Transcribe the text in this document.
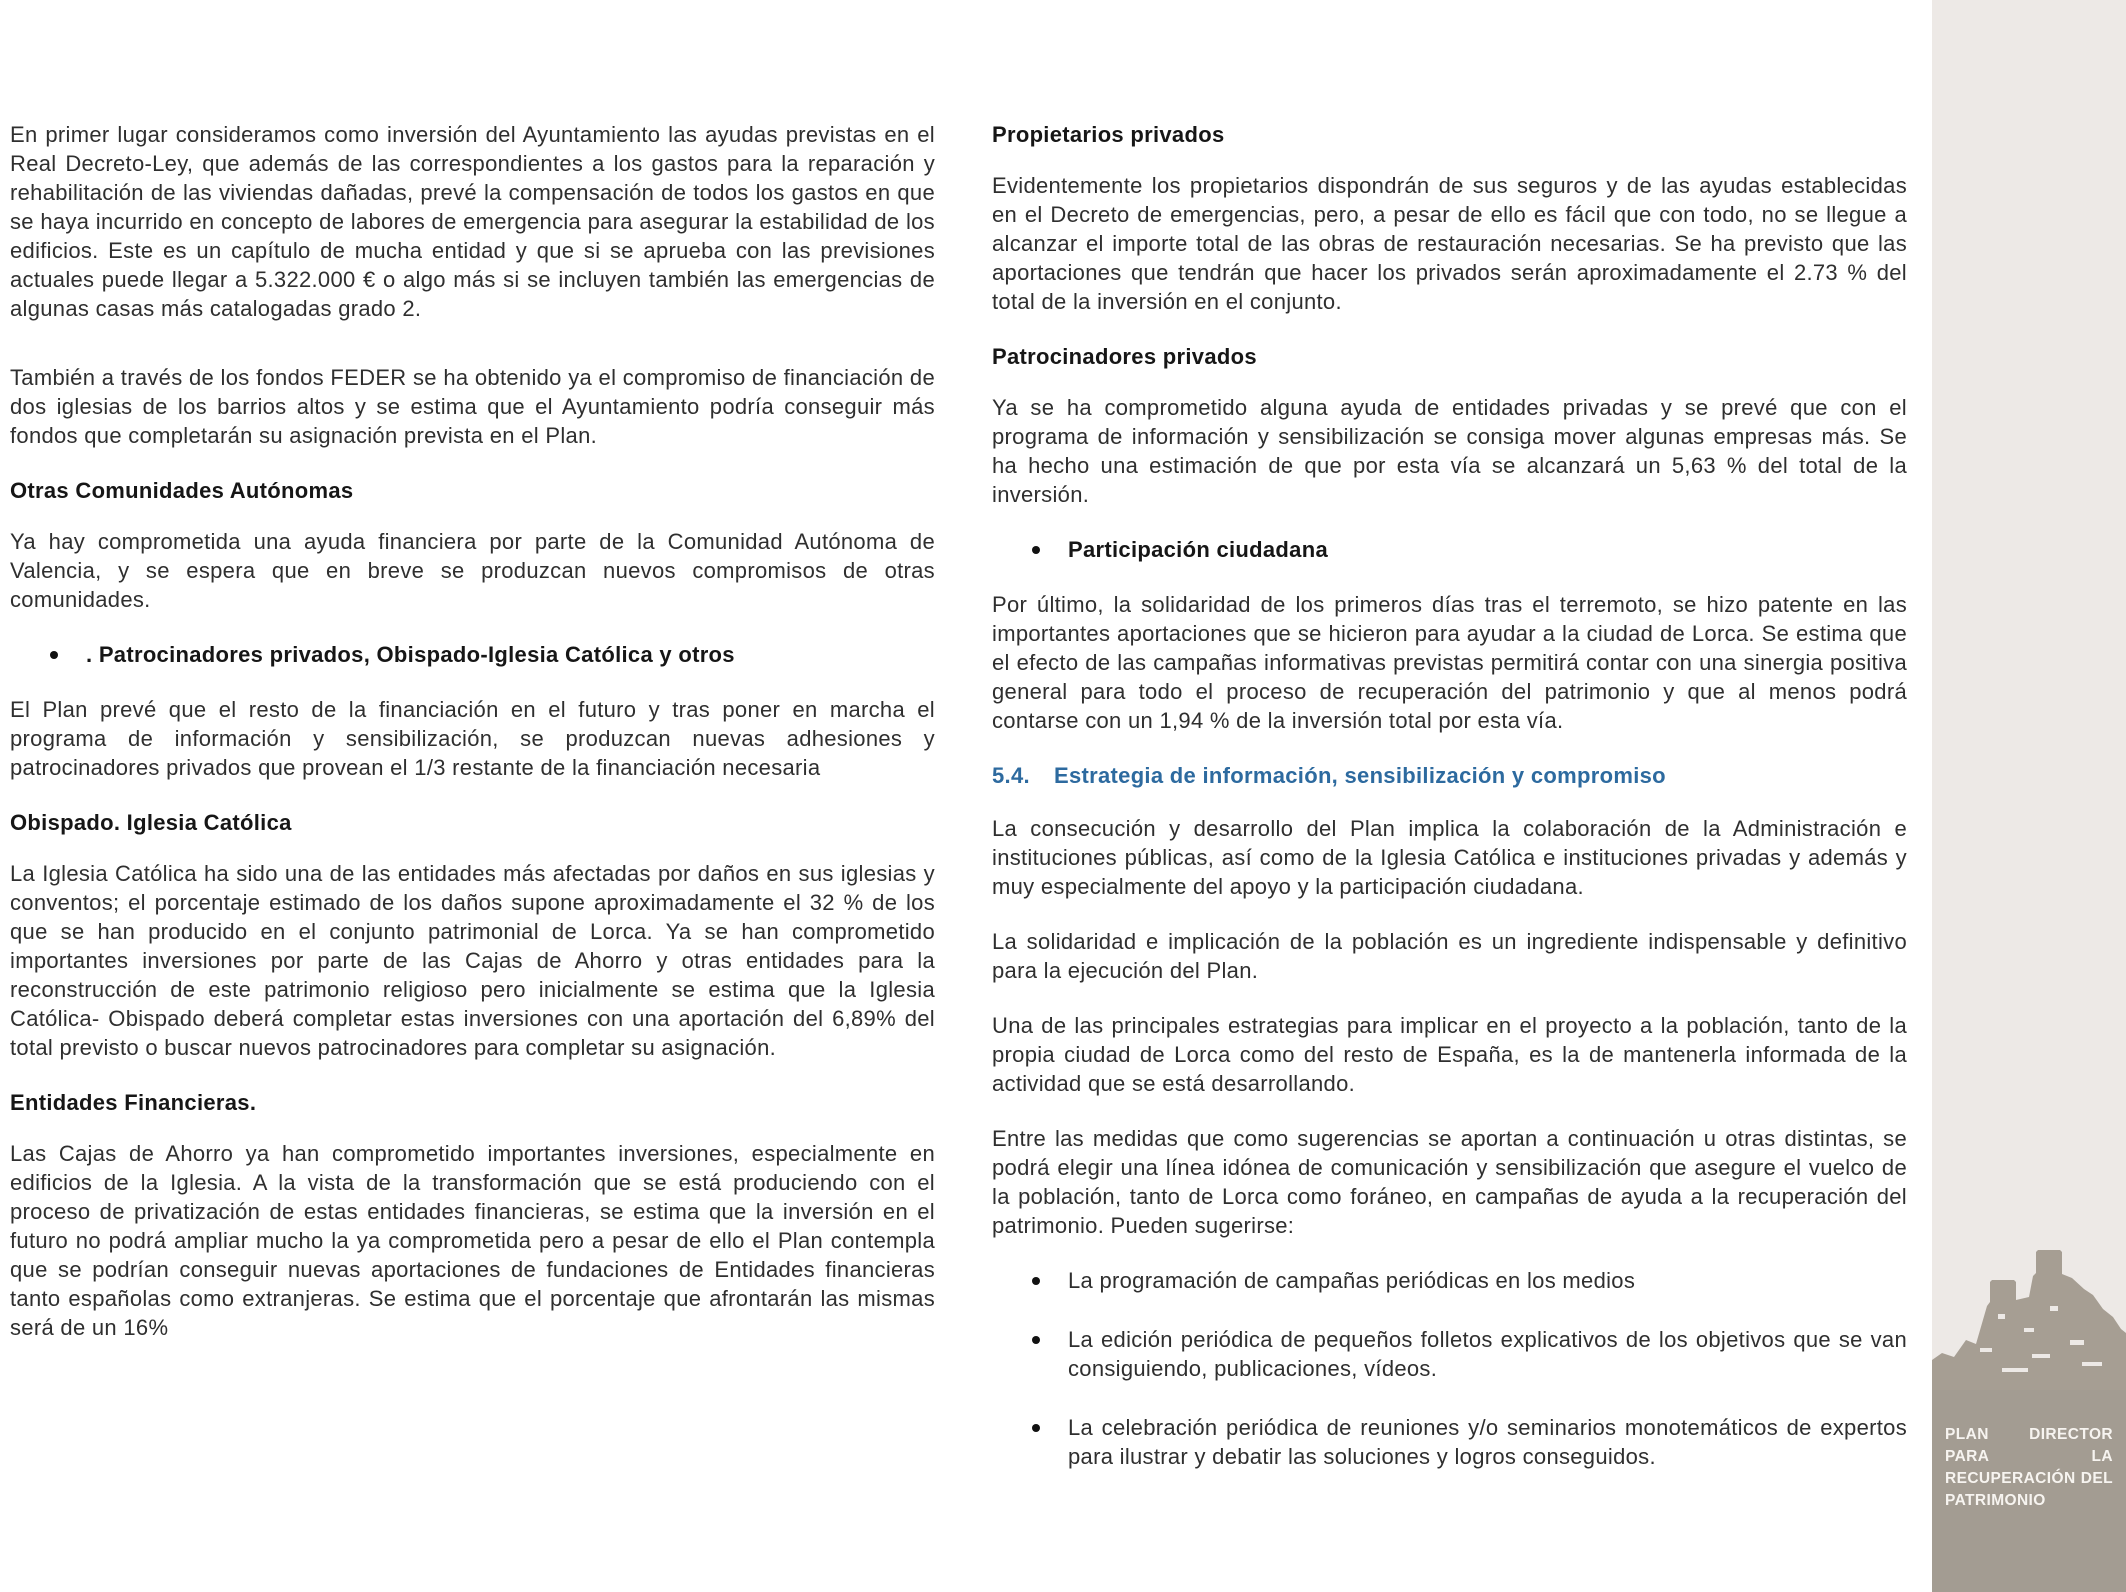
En primer lugar consideramos como inversión del Ayuntamiento las ayudas previstas en el Real Decreto-Ley, que además de las correspondientes a los gastos para la reparación y rehabilitación de las viviendas dañadas, prevé la compensación de todos los gastos en que se haya incurrido en concepto de labores de emergencia para asegurar la estabilidad de los edificios. Este es un capítulo de mucha entidad y que si se aprueba con las previsiones actuales puede llegar a 5.322.000 € o algo más si se incluyen también las emergencias de algunas casas más catalogadas grado 2.

También a través de los fondos FEDER se ha obtenido ya el compromiso de financiación de dos iglesias de los barrios altos y se estima que el Ayuntamiento podría conseguir más fondos que completarán su asignación prevista en el Plan.

Otras Comunidades Autónomas

Ya hay comprometida una ayuda financiera por parte de la Comunidad Autónoma de Valencia, y se espera que en breve se produzcan nuevos compromisos de otras comunidades.

. Patrocinadores privados, Obispado-Iglesia Católica y otros

El Plan prevé que el resto de la financiación en el futuro y tras poner en marcha el programa de información y sensibilización, se produzcan nuevas adhesiones y patrocinadores privados que provean el 1/3 restante de la financiación necesaria

Obispado. Iglesia Católica

La Iglesia Católica ha sido una de las entidades más afectadas por daños en sus iglesias y conventos; el porcentaje estimado de los daños supone aproximadamente el 32 % de los que se han producido en el conjunto patrimonial de Lorca. Ya se han comprometido importantes inversiones por parte de las Cajas de Ahorro y otras entidades para la reconstrucción de este patrimonio religioso pero inicialmente se estima que la Iglesia Católica- Obispado deberá completar estas inversiones con una aportación del 6,89% del total previsto o buscar nuevos patrocinadores para completar su asignación.

Entidades Financieras.

Las Cajas de Ahorro ya han comprometido importantes inversiones, especialmente en edificios de la Iglesia. A la vista de la transformación que se está produciendo con el proceso de privatización de estas entidades financieras, se estima que la inversión en el futuro no podrá ampliar mucho la ya comprometida pero a pesar de ello el Plan contempla que se podrían conseguir nuevas aportaciones de fundaciones de Entidades financieras tanto españolas como extranjeras. Se estima que el porcentaje que afrontarán las mismas será de un 16%

Propietarios privados

Evidentemente los propietarios dispondrán de sus seguros y de las ayudas establecidas en el Decreto de emergencias, pero, a pesar de ello es fácil que con todo, no se llegue a alcanzar el importe total de las obras de restauración necesarias. Se ha previsto que las aportaciones que tendrán que hacer los privados serán aproximadamente el 2.73 % del total de la inversión en el conjunto.

Patrocinadores privados

Ya se ha comprometido alguna ayuda de entidades privadas y se prevé que con el programa de información y sensibilización se consiga mover algunas empresas más. Se ha hecho una estimación de que por esta vía se alcanzará un 5,63 % del total de la inversión.

Participación ciudadana

Por último, la solidaridad de los primeros días tras el terremoto, se hizo patente en las importantes aportaciones que se hicieron para ayudar a la ciudad de Lorca. Se estima que el efecto de las campañas informativas previstas permitirá contar con una sinergia positiva general para todo el proceso de recuperación del patrimonio y que al menos podrá contarse con un 1,94 % de la inversión total por esta vía.

5.4.	Estrategia de información, sensibilización y compromiso

La consecución y desarrollo del Plan implica la colaboración de la Administración e instituciones públicas, así como de la Iglesia Católica e instituciones privadas y además y muy especialmente del apoyo y la participación ciudadana.

La solidaridad e implicación de la población es un ingrediente indispensable y definitivo para la ejecución del Plan.

Una de las principales estrategias para implicar en el proyecto a la población, tanto de la propia ciudad de Lorca como del resto de España, es la de mantenerla informada de la actividad que se está desarrollando.

Entre las medidas que como sugerencias se aportan a continuación u otras distintas, se podrá elegir una línea idónea de comunicación y sensibilización que asegure el vuelco de la población, tanto de Lorca como foráneo, en campañas de ayuda a la recuperación del patrimonio. Pueden sugerirse:

La programación de campañas periódicas en los medios
La edición periódica de pequeños folletos explicativos de los objetivos que se van consiguiendo, publicaciones, vídeos.
La celebración periódica de reuniones y/o seminarios monotemáticos de expertos para ilustrar y debatir las soluciones y logros conseguidos.
PLAN DIRECTOR
PARA LA
RECUPERACIÓN DEL
PATRIMONIO
